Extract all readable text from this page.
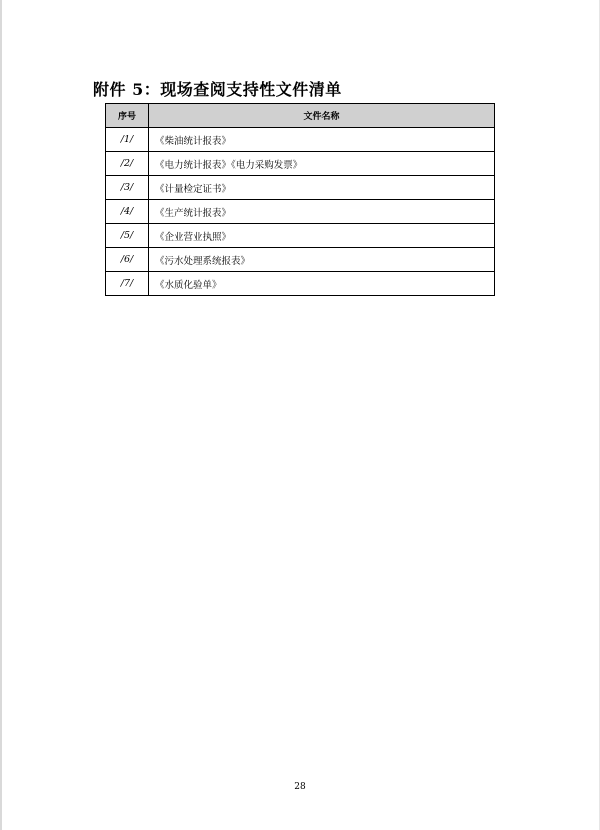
附件 5：现场查阅支持性文件清单
序号	文件名称
/1/	《柴油统计报表》
/2/	《电力统计报表》《电力采购发票》
/3/	《计量检定证书》
/4/	《生产统计报表》
/5/	《企业营业执照》
/6/	《污水处理系统报表》
/7/	《水质化验单》
28
